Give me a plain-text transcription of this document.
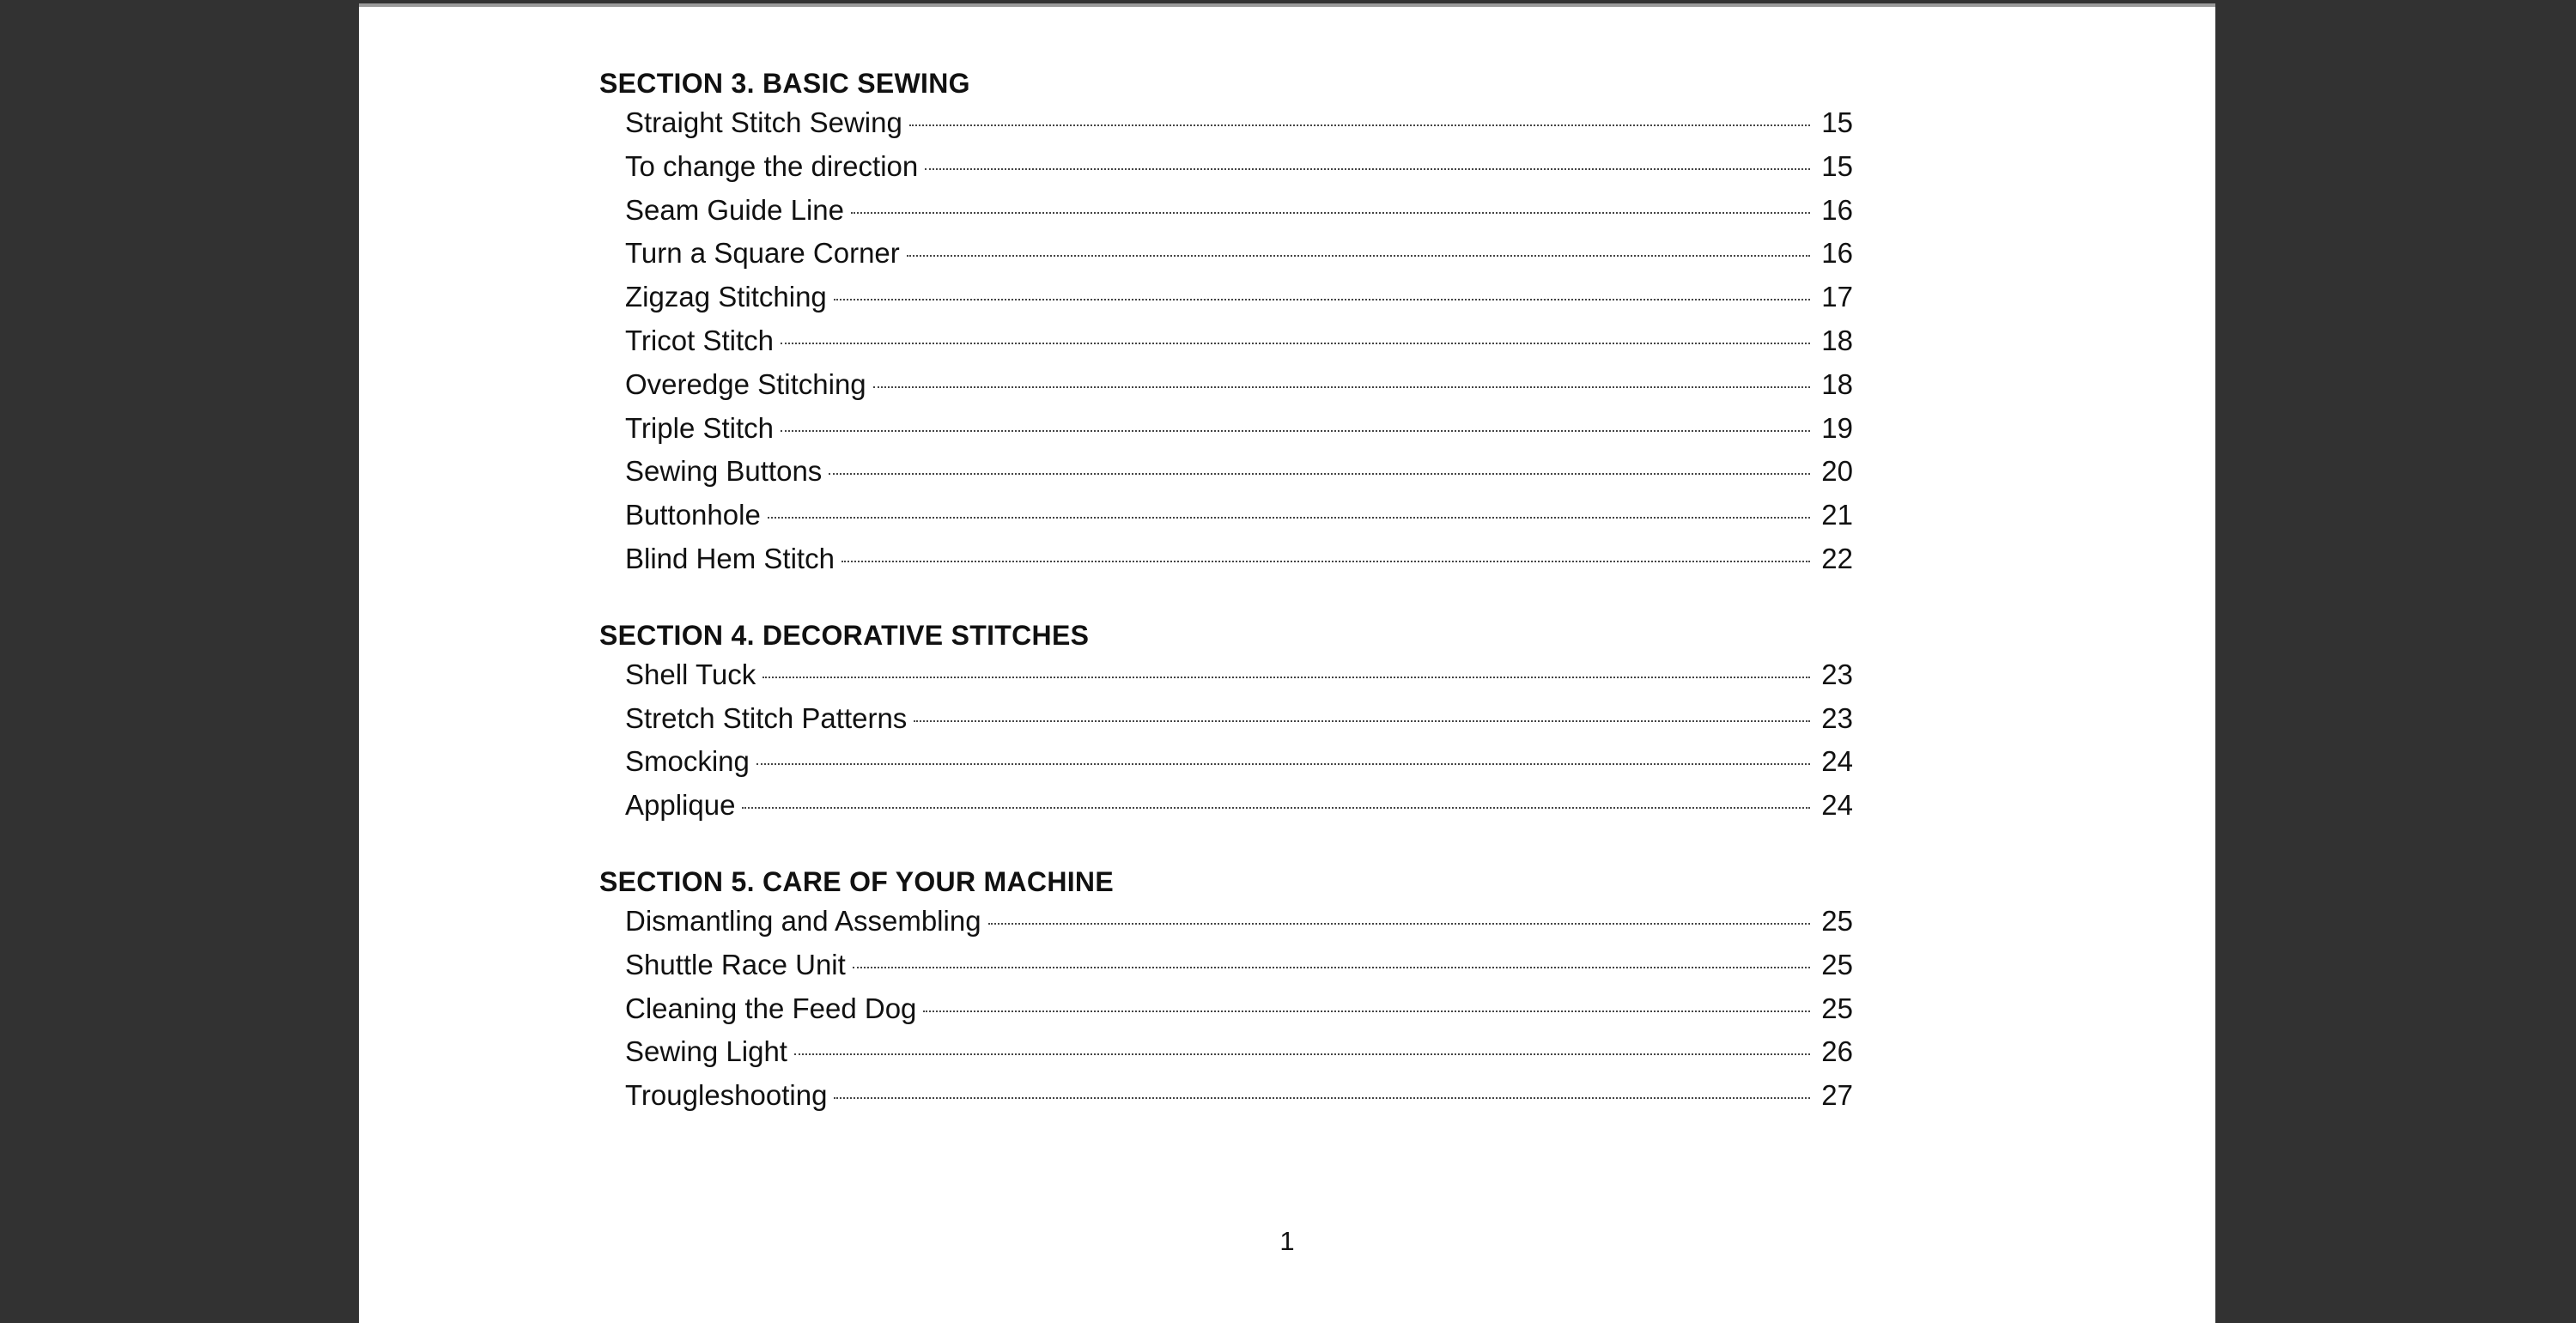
SECTION 3. BASIC SEWING
Straight Stitch Sewing	15
To change the direction	15
Seam Guide Line	16
Turn a Square Corner	16
Zigzag Stitching	17
Tricot Stitch	18
Overedge Stitching	18
Triple Stitch	19
Sewing Buttons	20
Buttonhole	21
Blind Hem Stitch	22
SECTION 4. DECORATIVE STITCHES
Shell Tuck	23
Stretch Stitch Patterns	23
Smocking	24
Applique	24
SECTION 5. CARE OF YOUR MACHINE
Dismantling and Assembling	25
Shuttle Race Unit	25
Cleaning the Feed Dog	25
Sewing Light	26
Trougleshooting	27
1
